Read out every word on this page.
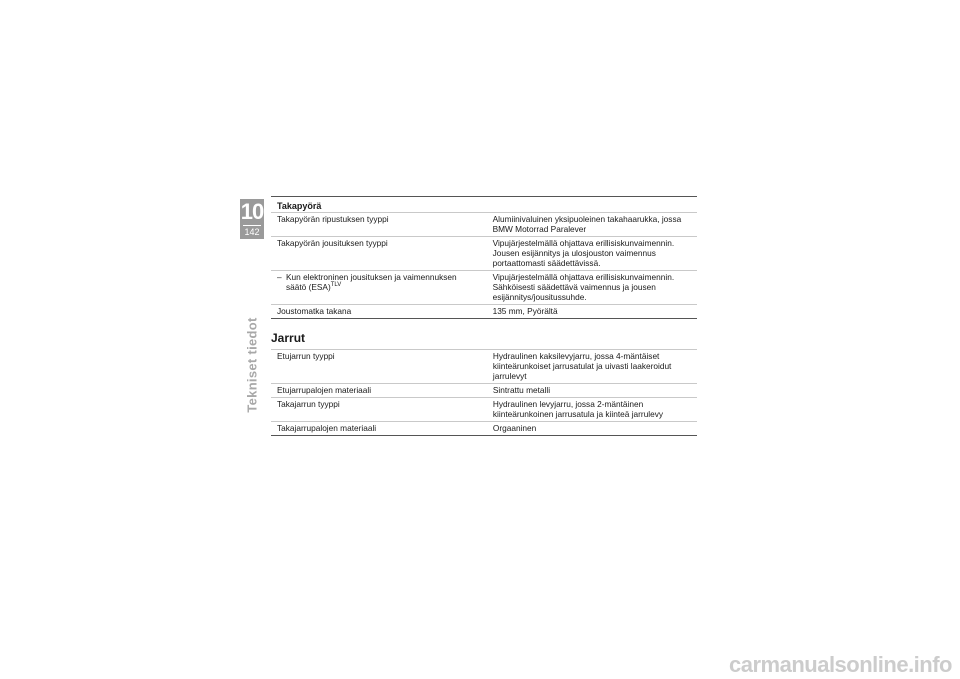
10
142
Tekniset tiedot
Takapyörä
Takapyörän ripustuksen tyyppi	Alumiinivaluinen yksipuoleinen takahaarukka, jossa BMW Motorrad Paralever
Takapyörän jousituksen tyyppi	Vipujärjestelmällä ohjattava erillisiskunvaimennin. Jousen esijännitys ja ulosjouston vaimennus portaattomasti säädettävissä.
– Kun elektroninen jousituksen ja vaimennuksen
säätö (ESA)$^{TLV}$	Vipujärjestelmällä ohjattava erillisiskunvaimennin. Sähköisesti säädettävä vaimennus ja jousen esijännitys/jousitussuhde.
Joustomatka takana	135 mm, Pyörältä
Jarrut
Etujarrun tyyppi	Hydraulinen kaksilevyjarru, jossa 4-mäntäiset kiinteärunkoiset jarrusatulat ja uivasti laakeroidut jarrulevyt
Etujarrupalojen materiaali	Sintrattu metalli
Takajarrun tyyppi	Hydraulinen levyjarru, jossa 2-mäntäinen kiinteärunkoinen jarrusatula ja kiinteä jarrulevy
Takajarrupalojen materiaali	Orgaaninen
carmanualsonline.info
